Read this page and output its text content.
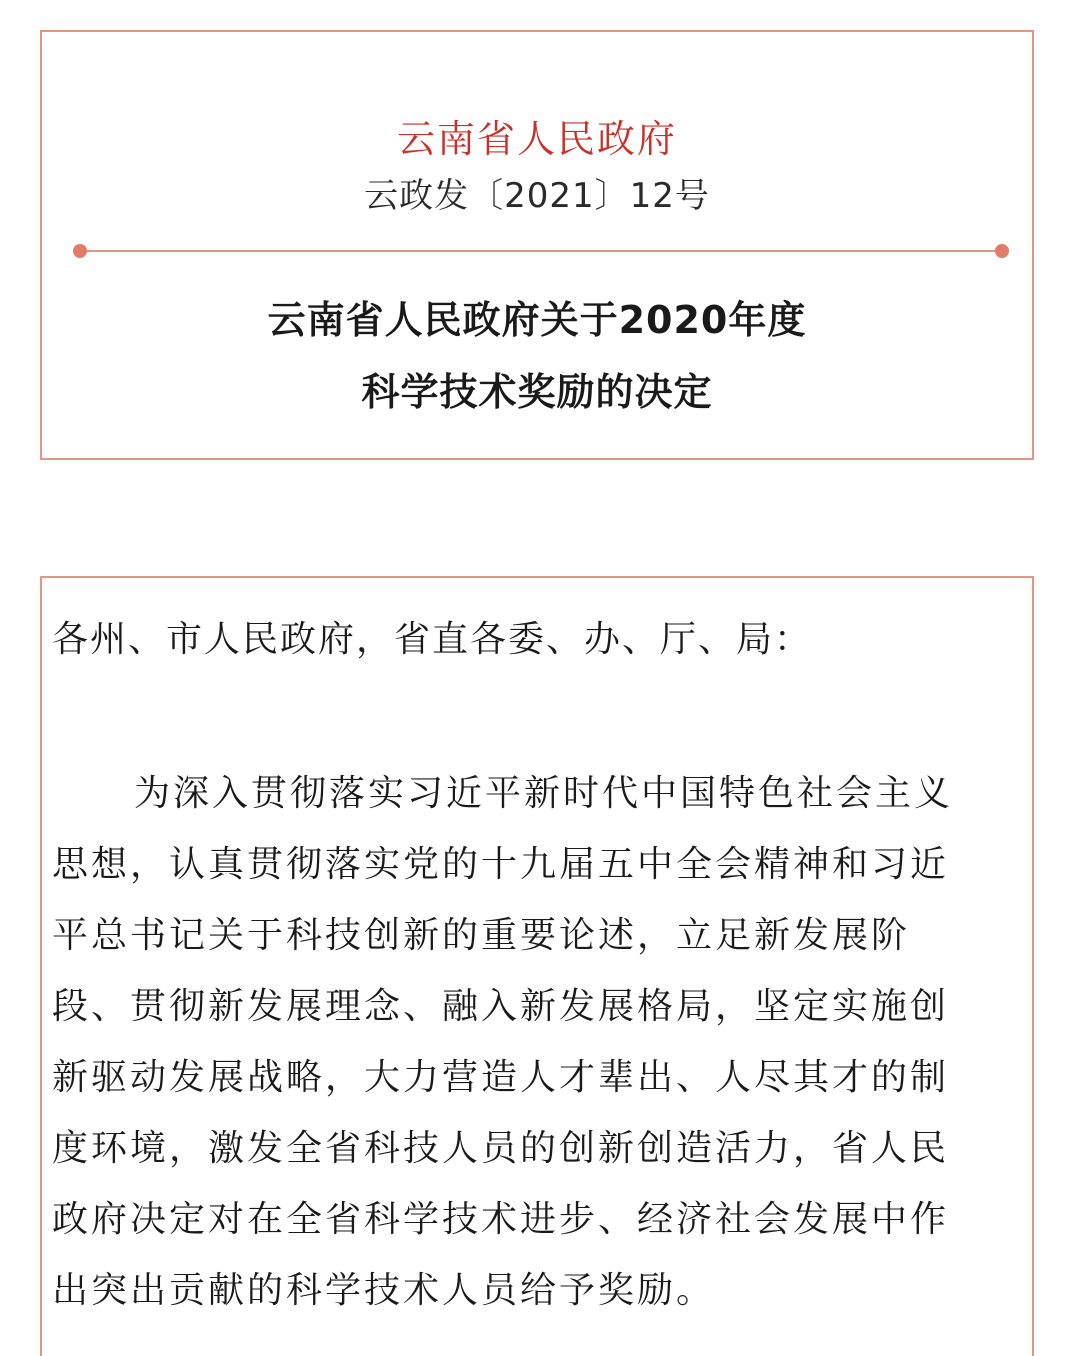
云南省人民政府
云政发〔2021〕12号
云南省人民政府关于2020年度
科学技术奖励的决定
各州、市人民政府，省直各委、办、厅、局：
为深入贯彻落实习近平新时代中国特色社会主义
思想，认真贯彻落实党的十九届五中全会精神和习近
平总书记关于科技创新的重要论述，立足新发展阶
段、贯彻新发展理念、融入新发展格局，坚定实施创
新驱动发展战略，大力营造人才辈出、人尽其才的制
度环境，激发全省科技人员的创新创造活力，省人民
政府决定对在全省科学技术进步、经济社会发展中作
出突出贡献的科学技术人员给予奖励。
